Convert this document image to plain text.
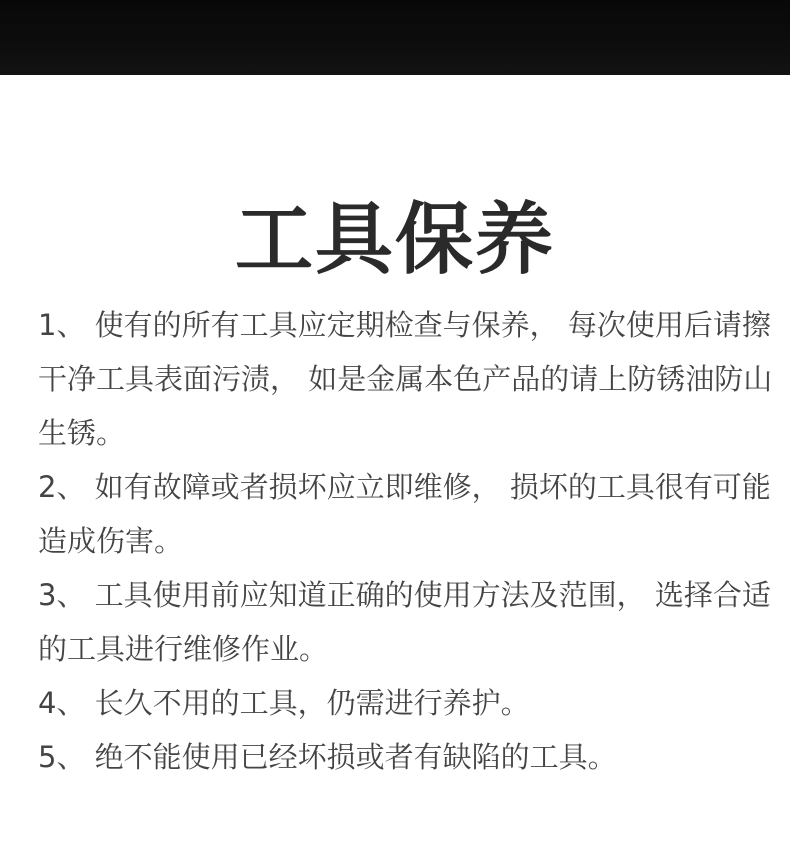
工具保养

1、 使有的所有工具应定期检查与保养， 每次使用后请擦干净工具表面污渍， 如是金属本色产品的请上防锈油防山生锈。

2、 如有故障或者损坏应立即维修， 损坏的工具很有可能造成伤害。

3、 工具使用前应知道正确的使用方法及范围， 选择合适的工具进行维修作业。

4、 长久不用的工具，仍需进行养护。

5、 绝不能使用已经坏损或者有缺陷的工具。
